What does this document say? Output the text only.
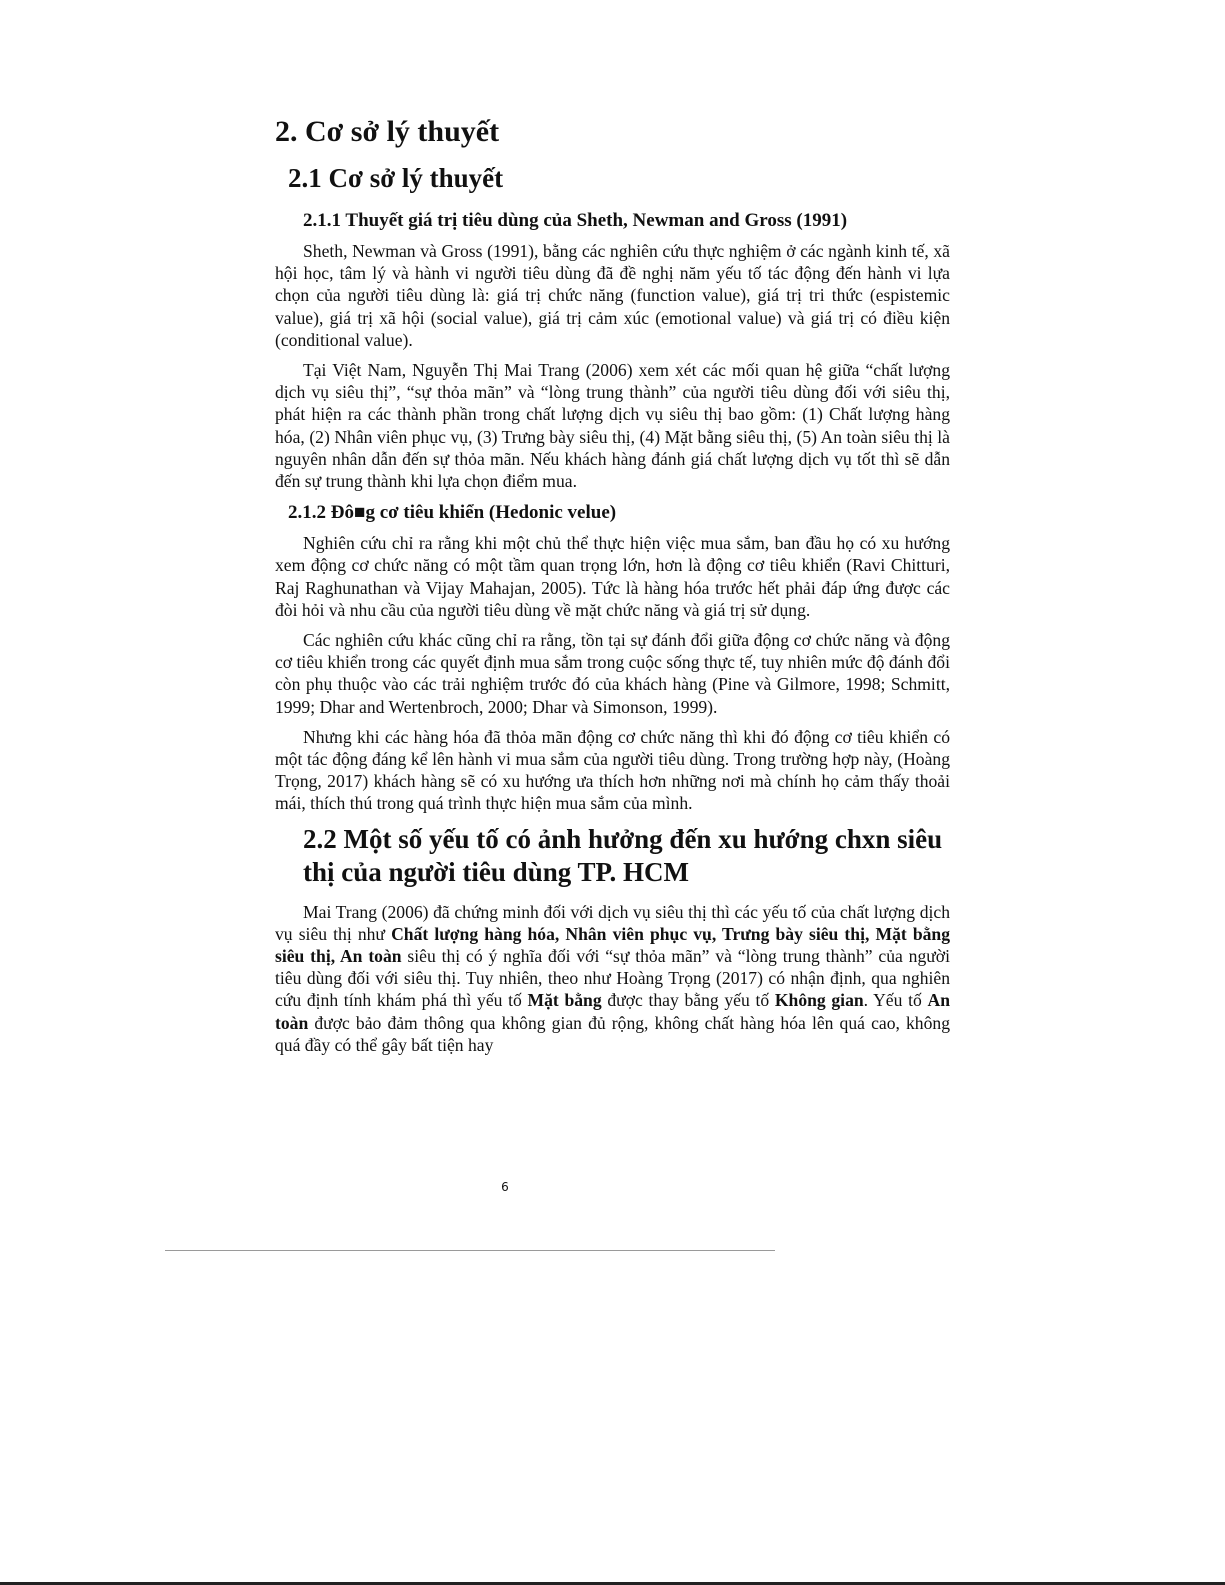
2. Cơ sở lý thuyết
2.1 Cơ sở lý thuyết
2.1.1 Thuyết giá trị tiêu dùng của Sheth, Newman and Gross (1991)

Sheth, Newman và Gross (1991), bằng các nghiên cứu thực nghiệm ở các ngành kinh tế, xã hội học, tâm lý và hành vi người tiêu dùng đã đề nghị năm yếu tố tác động đến hành vi lựa chọn của người tiêu dùng là: giá trị chức năng (function value), giá trị tri thức (espistemic value), giá trị xã hội (social value), giá trị cảm xúc (emotional value) và giá trị có điều kiện (conditional value).

Tại Việt Nam, Nguyễn Thị Mai Trang (2006) xem xét các mối quan hệ giữa “chất lượng dịch vụ siêu thị”, “sự thỏa mãn” và “lòng trung thành” của người tiêu dùng đối với siêu thị, phát hiện ra các thành phần trong chất lượng dịch vụ siêu thị bao gồm: (1) Chất lượng hàng hóa, (2) Nhân viên phục vụ, (3) Trưng bày siêu thị, (4) Mặt bằng siêu thị, (5) An toàn siêu thị là nguyên nhân dẫn đến sự thỏa mãn. Nếu khách hàng đánh giá chất lượng dịch vụ tốt thì sẽ dẫn đến sự trung thành khi lựa chọn điểm mua.

2.1.2 Đô■g cơ tiêu khiển (Hedonic velue)

Nghiên cứu chỉ ra rằng khi một chủ thể thực hiện việc mua sắm, ban đầu họ có xu hướng xem động cơ chức năng có một tầm quan trọng lớn, hơn là động cơ tiêu khiển (Ravi Chitturi, Raj Raghunathan và Vijay Mahajan, 2005). Tức là hàng hóa trước hết phải đáp ứng được các đòi hỏi và nhu cầu của người tiêu dùng về mặt chức năng và giá trị sử dụng.

Các nghiên cứu khác cũng chỉ ra rằng, tồn tại sự đánh đổi giữa động cơ chức năng và động cơ tiêu khiển trong các quyết định mua sắm trong cuộc sống thực tế, tuy nhiên mức độ đánh đổi còn phụ thuộc vào các trải nghiệm trước đó của khách hàng (Pine và Gilmore, 1998; Schmitt, 1999; Dhar and Wertenbroch, 2000; Dhar và Simonson, 1999).

Nhưng khi các hàng hóa đã thỏa mãn động cơ chức năng thì khi đó động cơ tiêu khiển có một tác động đáng kể lên hành vi mua sắm của người tiêu dùng. Trong trường hợp này, (Hoàng Trọng, 2017) khách hàng sẽ có xu hướng ưa thích hơn những nơi mà chính họ cảm thấy thoải mái, thích thú trong quá trình thực hiện mua sắm của mình.

2.2 Một số yếu tố có ảnh hưởng đến xu hướng chxn siêu thị của người tiêu dùng TP. HCM

Mai Trang (2006) đã chứng minh đối với dịch vụ siêu thị thì các yếu tố của chất lượng dịch vụ siêu thị như Chất lượng hàng hóa, Nhân viên phục vụ, Trưng bày siêu thị, Mặt bằng siêu thị, An toàn siêu thị có ý nghĩa đối với “sự thỏa mãn” và “lòng trung thành” của người tiêu dùng đối với siêu thị. Tuy nhiên, theo như Hoàng Trọng (2017) có nhận định, qua nghiên cứu định tính khám phá thì yếu tố Mặt bằng được thay bằng yếu tố Không gian. Yếu tố An toàn được bảo đảm thông qua không gian đủ rộng, không chất hàng hóa lên quá cao, không quá đầy có thể gây bất tiện hay

6
